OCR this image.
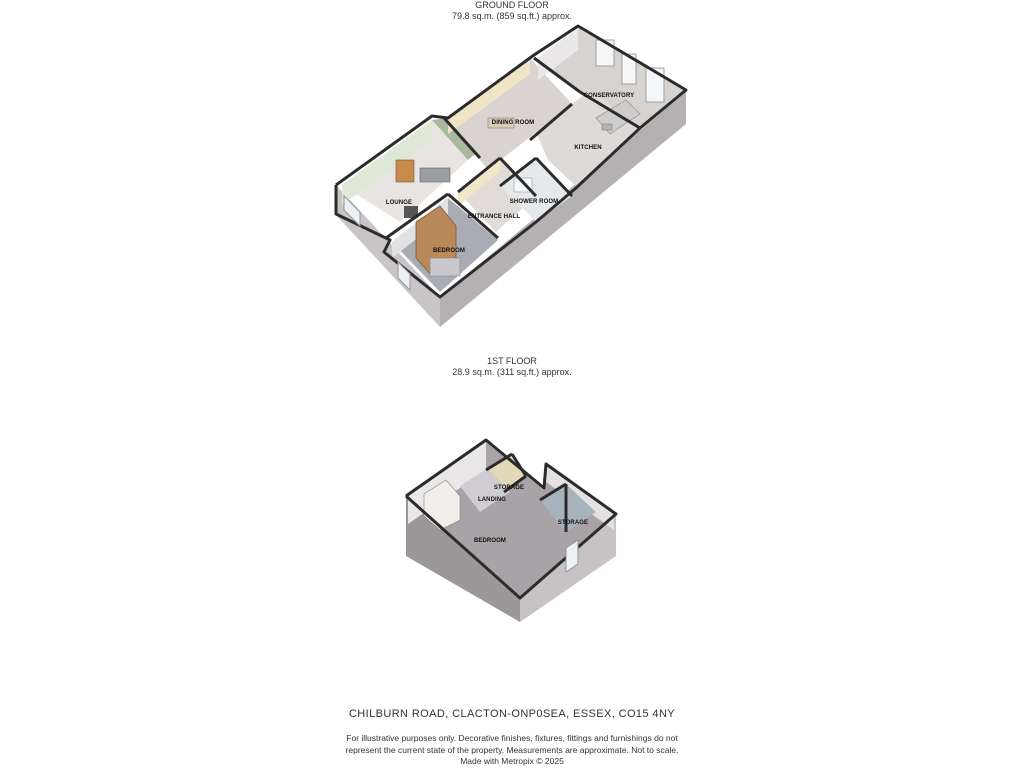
GROUND FLOOR
79.8 sq.m. (859 sq.ft.) approx.
1ST FLOOR
28.9 sq.m. (311 sq.ft.) approx.
CONSERVATORY
DINING ROOM
KITCHEN
LOUNGE
ENTRANCE HALL
SHOWER ROOM
BEDROOM
STORAGE
LANDING
STORAGE
BEDROOM
CHILBURN ROAD, CLACTON-ONP0SEA, ESSEX, CO15 4NY
For illustrative purposes only. Decorative finishes, fixtures, fittings and furnishings do not
represent the current state of the property. Measurements are approximate. Not to scale.
Made with Metropix © 2025
